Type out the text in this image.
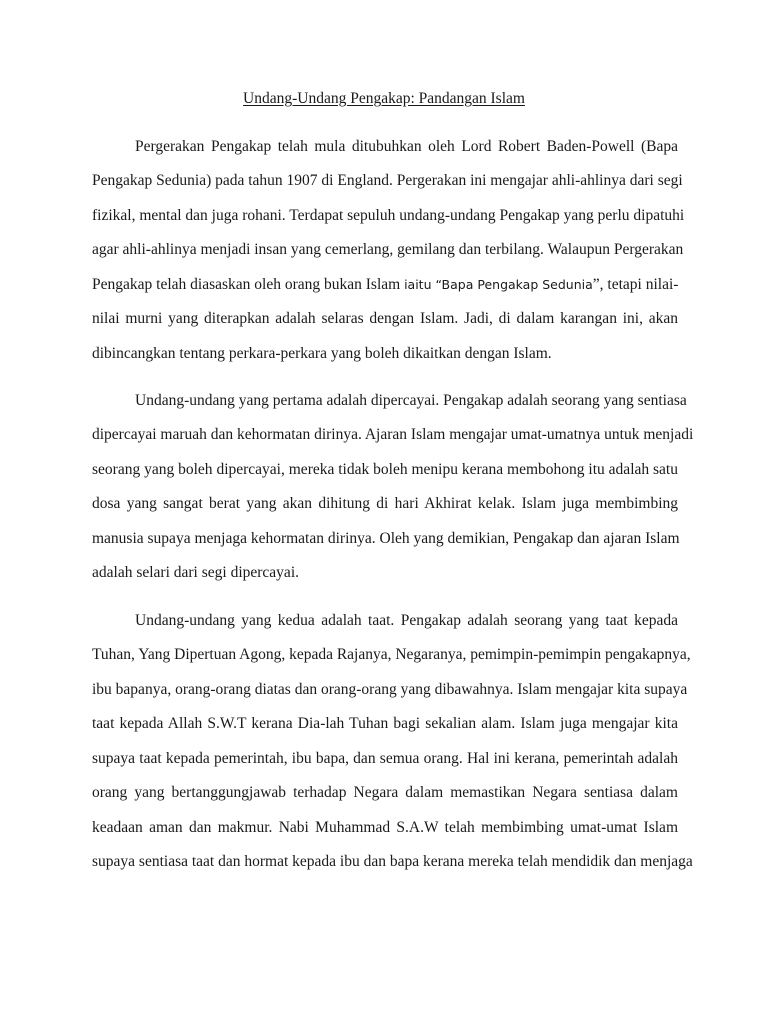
Undang-Undang Pengakap: Pandangan Islam
Pergerakan Pengakap telah mula ditubuhkan oleh Lord Robert Baden-Powell (Bapa
Pengakap Sedunia) pada tahun 1907 di England. Pergerakan ini mengajar ahli-ahlinya dari segi
fizikal, mental dan juga rohani. Terdapat sepuluh undang-undang Pengakap yang perlu dipatuhi
agar ahli-ahlinya menjadi insan yang cemerlang, gemilang dan terbilang. Walaupun Pergerakan
Pengakap telah diasaskan oleh orang bukan Islam iaitu “Bapa Pengakap Sedunia”, tetapi nilai-
nilai murni yang diterapkan adalah selaras dengan Islam. Jadi, di dalam karangan ini, akan
dibincangkan tentang perkara-perkara yang boleh dikaitkan dengan Islam.
Undang-undang yang pertama adalah dipercayai. Pengakap adalah seorang yang sentiasa
dipercayai maruah dan kehormatan dirinya. Ajaran Islam mengajar umat-umatnya untuk menjadi
seorang yang boleh dipercayai, mereka tidak boleh menipu kerana membohong itu adalah satu
dosa yang sangat berat yang akan dihitung di hari Akhirat kelak. Islam juga membimbing
manusia supaya menjaga kehormatan dirinya. Oleh yang demikian, Pengakap dan ajaran Islam
adalah selari dari segi dipercayai.
Undang-undang yang kedua adalah taat. Pengakap adalah seorang yang taat kepada
Tuhan, Yang Dipertuan Agong, kepada Rajanya, Negaranya, pemimpin-pemimpin pengakapnya,
ibu bapanya, orang-orang diatas dan orang-orang yang dibawahnya. Islam mengajar kita supaya
taat kepada Allah S.W.T kerana Dia-lah Tuhan bagi sekalian alam. Islam juga mengajar kita
supaya taat kepada pemerintah, ibu bapa, dan semua orang. Hal ini kerana, pemerintah adalah
orang yang bertanggungjawab terhadap Negara dalam memastikan Negara sentiasa dalam
keadaan aman dan makmur. Nabi Muhammad S.A.W telah membimbing umat-umat Islam
supaya sentiasa taat dan hormat kepada ibu dan bapa kerana mereka telah mendidik dan menjaga
